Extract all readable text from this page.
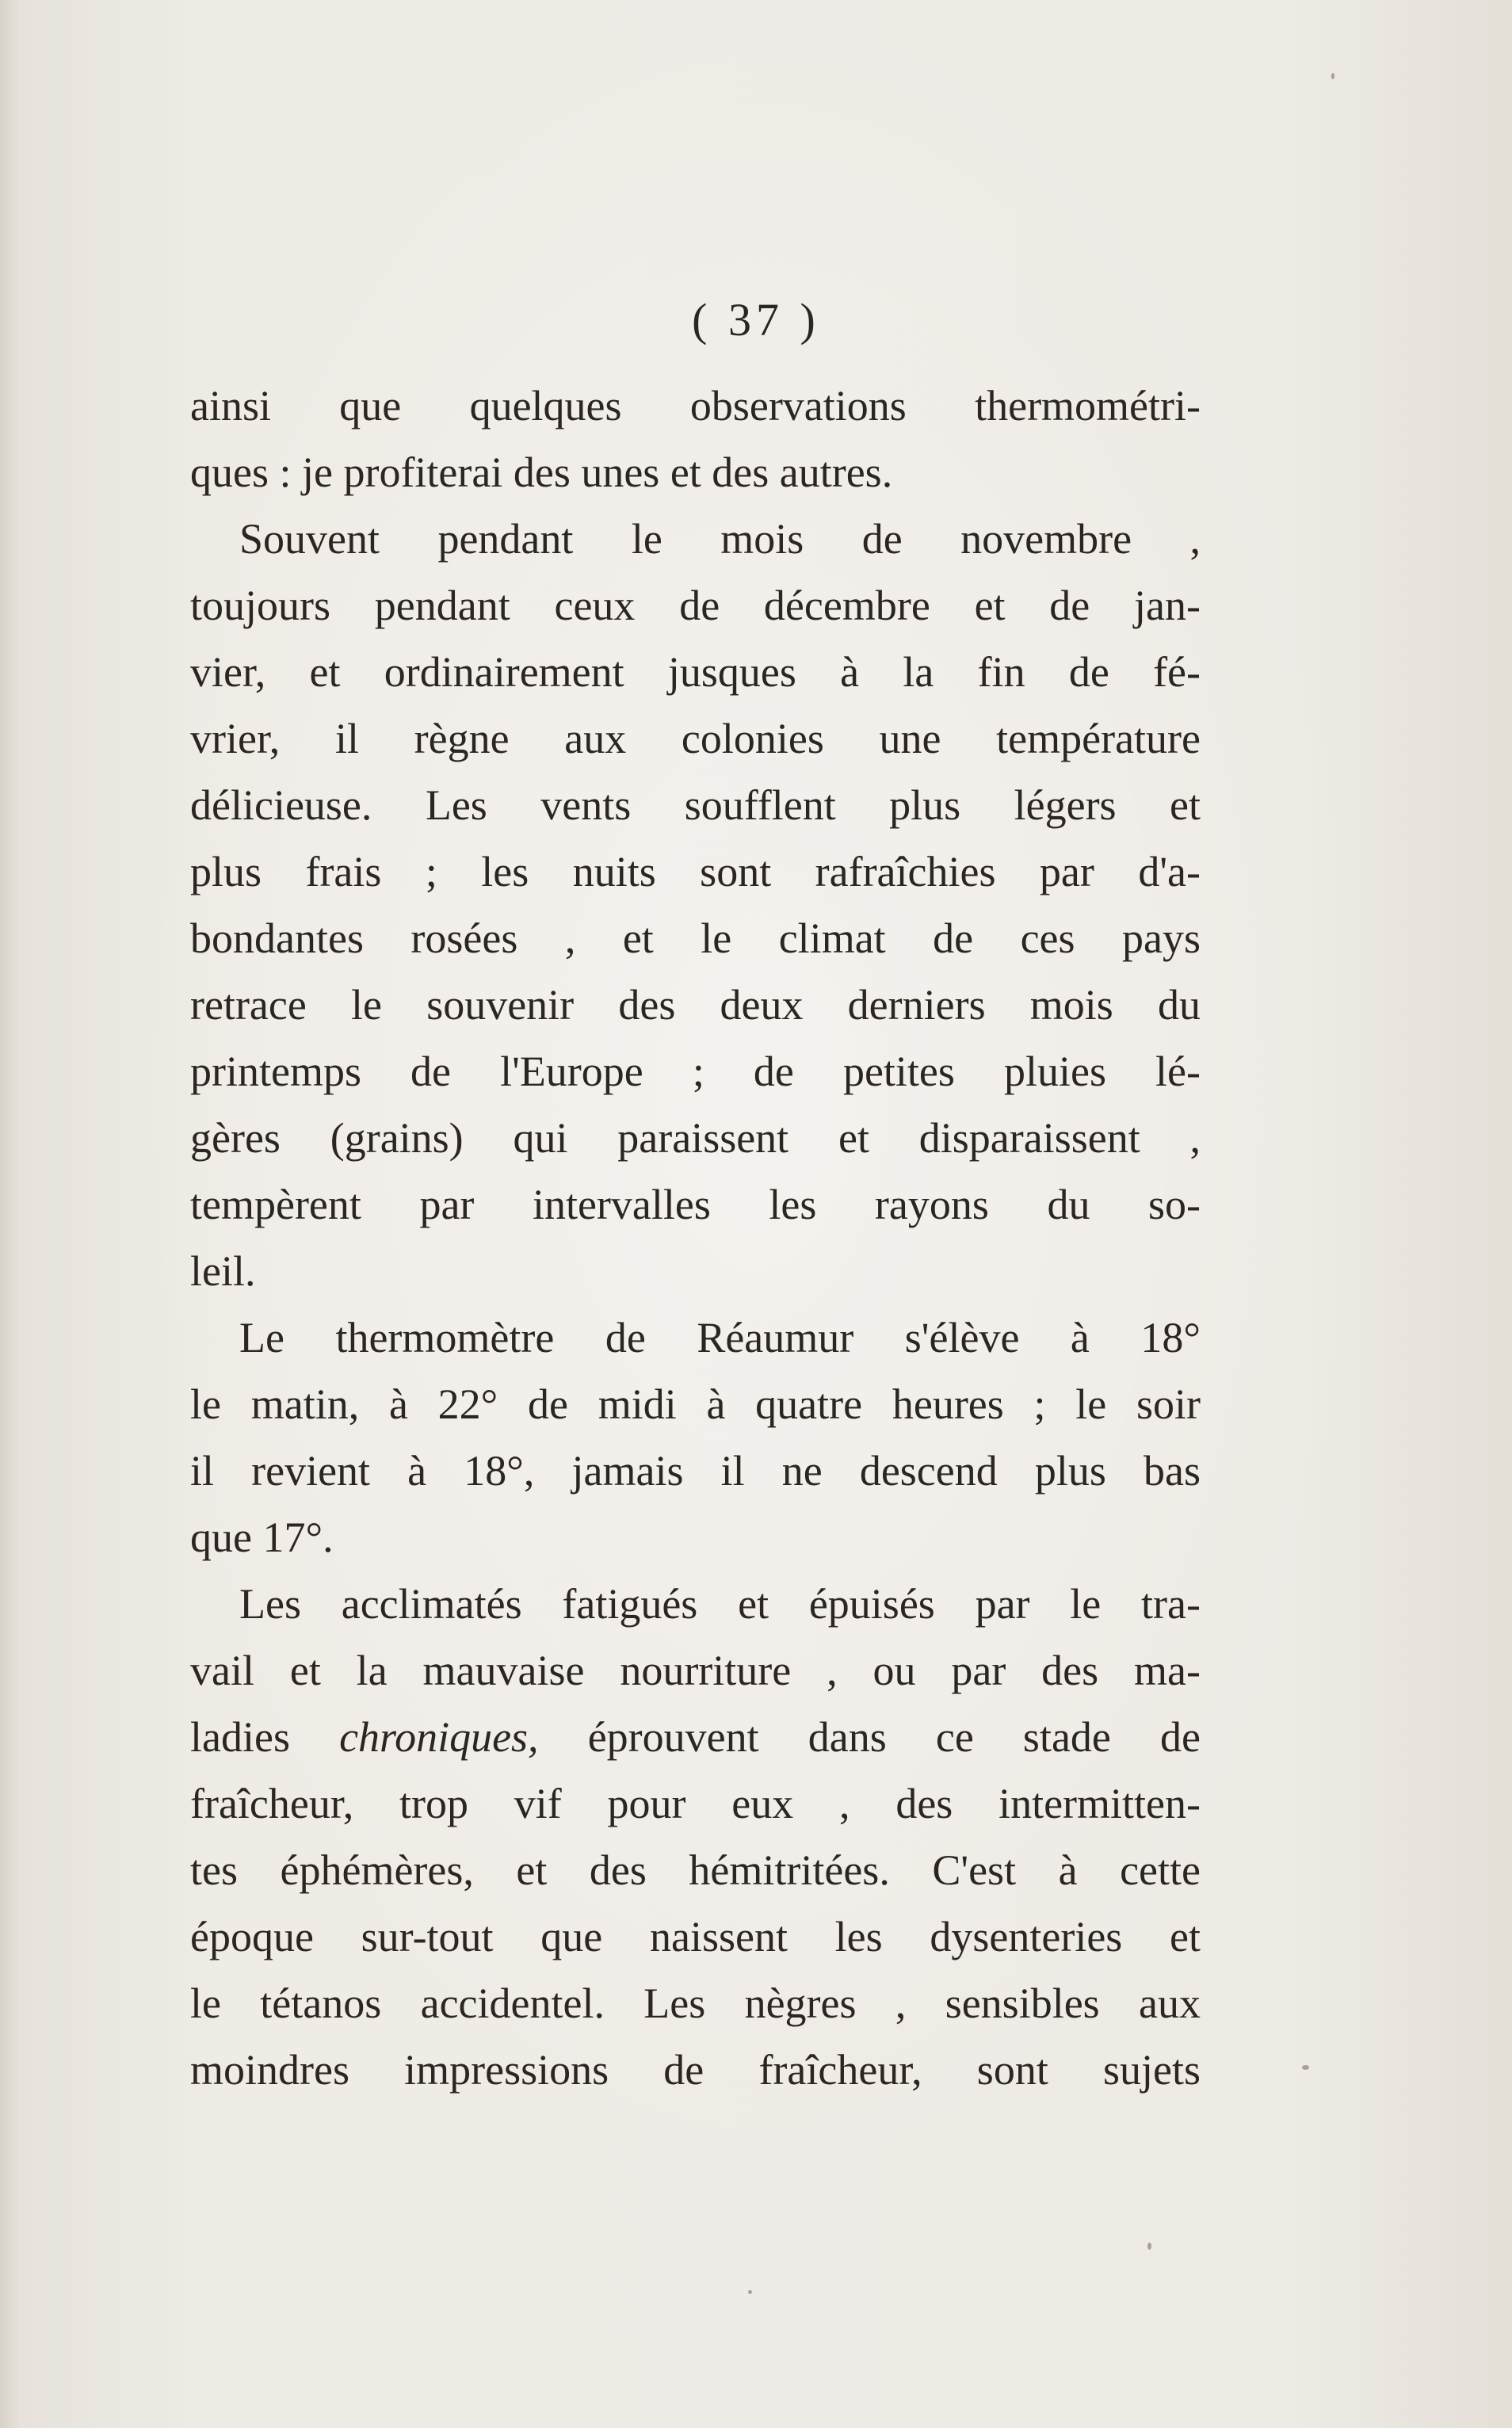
( 37 )
ainsi que quelques observations thermométri-
ques : je profiterai des unes et des autres.
Souvent pendant le mois de novembre ,
toujours pendant ceux de décembre et de jan-
vier, et ordinairement jusques à la fin de fé-
vrier, il règne aux colonies une température
délicieuse. Les vents soufflent plus légers et
plus frais ; les nuits sont rafraîchies par d'a-
bondantes rosées , et le climat de ces pays
retrace le souvenir des deux derniers mois du
printemps de l'Europe ; de petites pluies lé-
gères (grains) qui paraissent et disparaissent ,
tempèrent par intervalles les rayons du so-
leil.
Le thermomètre de Réaumur s'élève à 18°
le matin, à 22° de midi à quatre heures ; le soir
il revient à 18°, jamais il ne descend plus bas
que 17°.
Les acclimatés fatigués et épuisés par le tra-
vail et la mauvaise nourriture , ou par des ma-
ladies chroniques, éprouvent dans ce stade de
fraîcheur, trop vif pour eux , des intermitten-
tes éphémères, et des hémitritées. C'est à cette
époque sur-tout que naissent les dysenteries et
le tétanos accidentel. Les nègres , sensibles aux
moindres impressions de fraîcheur, sont sujets
